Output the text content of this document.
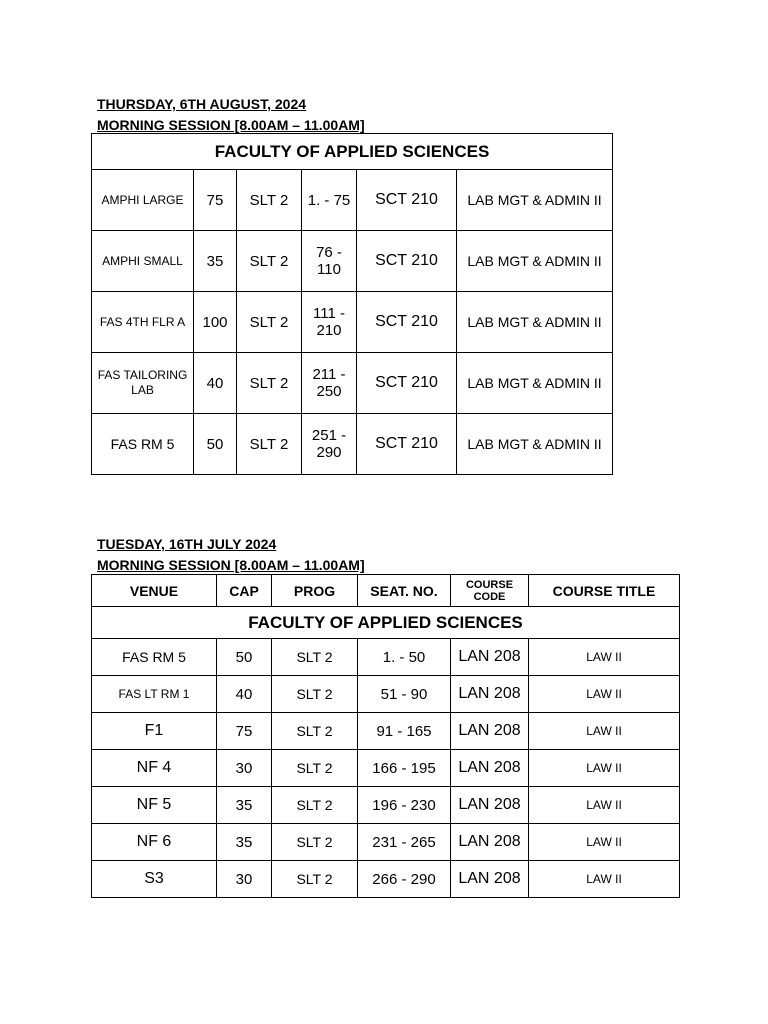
THURSDAY, 6TH AUGUST, 2024
MORNING SESSION [8.00AM – 11.00AM]
FACULTY OF APPLIED SCIENCES					
AMPHI LARGE	75	SLT 2	1. - 75	SCT 210	LAB MGT & ADMIN II
AMPHI SMALL	35	SLT 2	76 - 110	SCT 210	LAB MGT & ADMIN II
FAS 4TH FLR A	100	SLT 2	111 - 210	SCT 210	LAB MGT & ADMIN II
FAS TAILORING LAB	40	SLT 2	211 - 250	SCT 210	LAB MGT & ADMIN II
FAS RM 5	50	SLT 2	251 - 290	SCT 210	LAB MGT & ADMIN II
TUESDAY, 16TH JULY 2024
MORNING SESSION [8.00AM – 11.00AM]
VENUE	CAP	PROG	SEAT. NO.	COURSE CODE	COURSE TITLE
FACULTY OF APPLIED SCIENCES					
FAS RM 5	50	SLT 2	1. - 50	LAN 208	LAW II
FAS LT RM 1	40	SLT 2	51 - 90	LAN 208	LAW II
F1	75	SLT 2	91 - 165	LAN 208	LAW II
NF 4	30	SLT 2	166 - 195	LAN 208	LAW II
NF 5	35	SLT 2	196 - 230	LAN 208	LAW II
NF 6	35	SLT 2	231 - 265	LAN 208	LAW II
S3	30	SLT 2	266 - 290	LAN 208	LAW II
